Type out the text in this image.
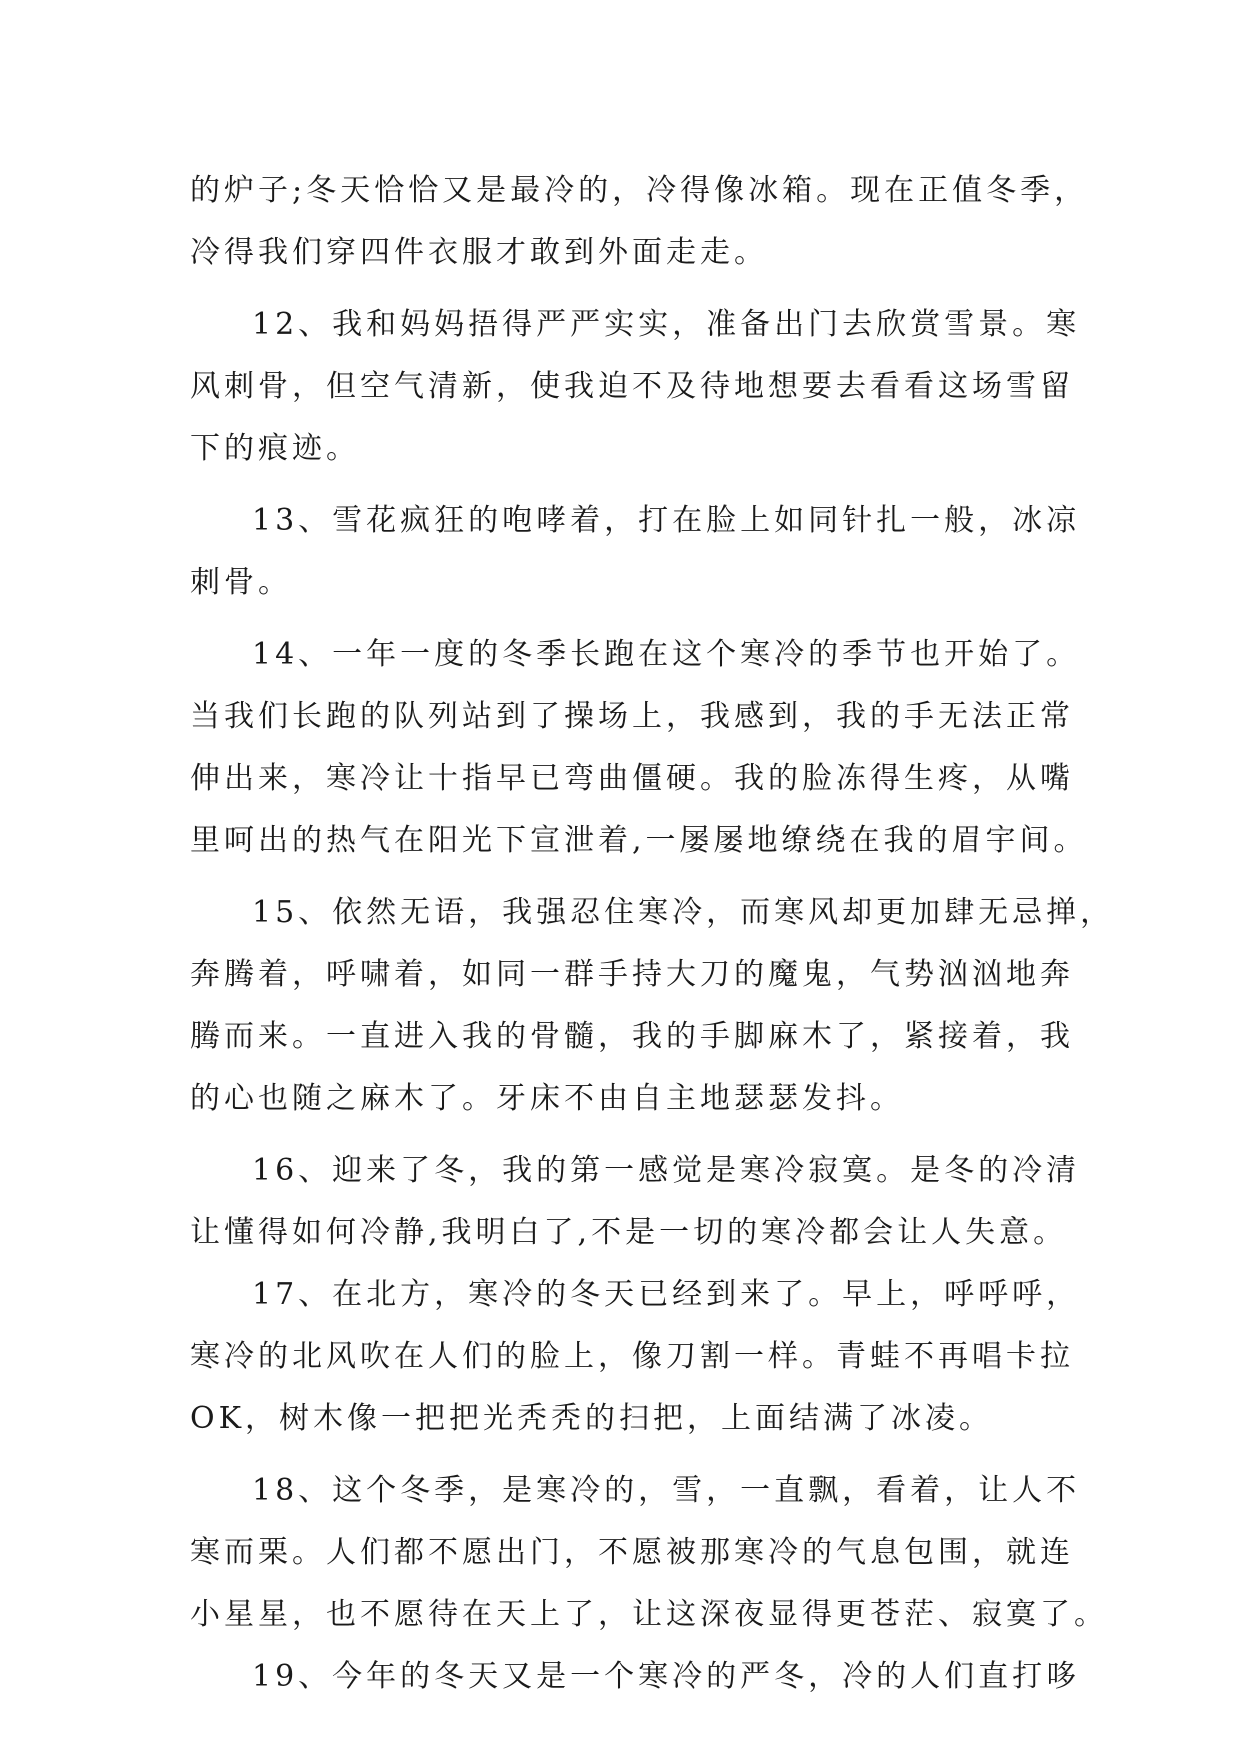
的炉子;冬天恰恰又是最冷的，冷得像冰箱。现在正值冬季，
冷得我们穿四件衣服才敢到外面走走。
12、我和妈妈捂得严严实实，准备出门去欣赏雪景。寒
风刺骨，但空气清新，使我迫不及待地想要去看看这场雪留
下的痕迹。
13、雪花疯狂的咆哮着，打在脸上如同针扎一般，冰凉
刺骨。
14、一年一度的冬季长跑在这个寒冷的季节也开始了。
当我们长跑的队列站到了操场上，我感到，我的手无法正常
伸出来，寒冷让十指早已弯曲僵硬。我的脸冻得生疼，从嘴
里呵出的热气在阳光下宣泄着,一屡屡地缭绕在我的眉宇间。
15、依然无语，我强忍住寒冷，而寒风却更加肆无忌掸，
奔腾着，呼啸着，如同一群手持大刀的魔鬼，气势汹汹地奔
腾而来。一直进入我的骨髓，我的手脚麻木了，紧接着，我
的心也随之麻木了。牙床不由自主地瑟瑟发抖。
16、迎来了冬，我的第一感觉是寒冷寂寞。是冬的冷清
让懂得如何冷静,我明白了,不是一切的寒冷都会让人失意。
17、在北方，寒冷的冬天已经到来了。早上，呼呼呼，
寒冷的北风吹在人们的脸上，像刀割一样。青蛙不再唱卡拉
OK，树木像一把把光秃秃的扫把，上面结满了冰凌。
18、这个冬季，是寒冷的，雪，一直飘，看着，让人不
寒而栗。人们都不愿出门，不愿被那寒冷的气息包围，就连
小星星，也不愿待在天上了，让这深夜显得更苍茫、寂寞了。
19、今年的冬天又是一个寒冷的严冬，冷的人们直打哆
